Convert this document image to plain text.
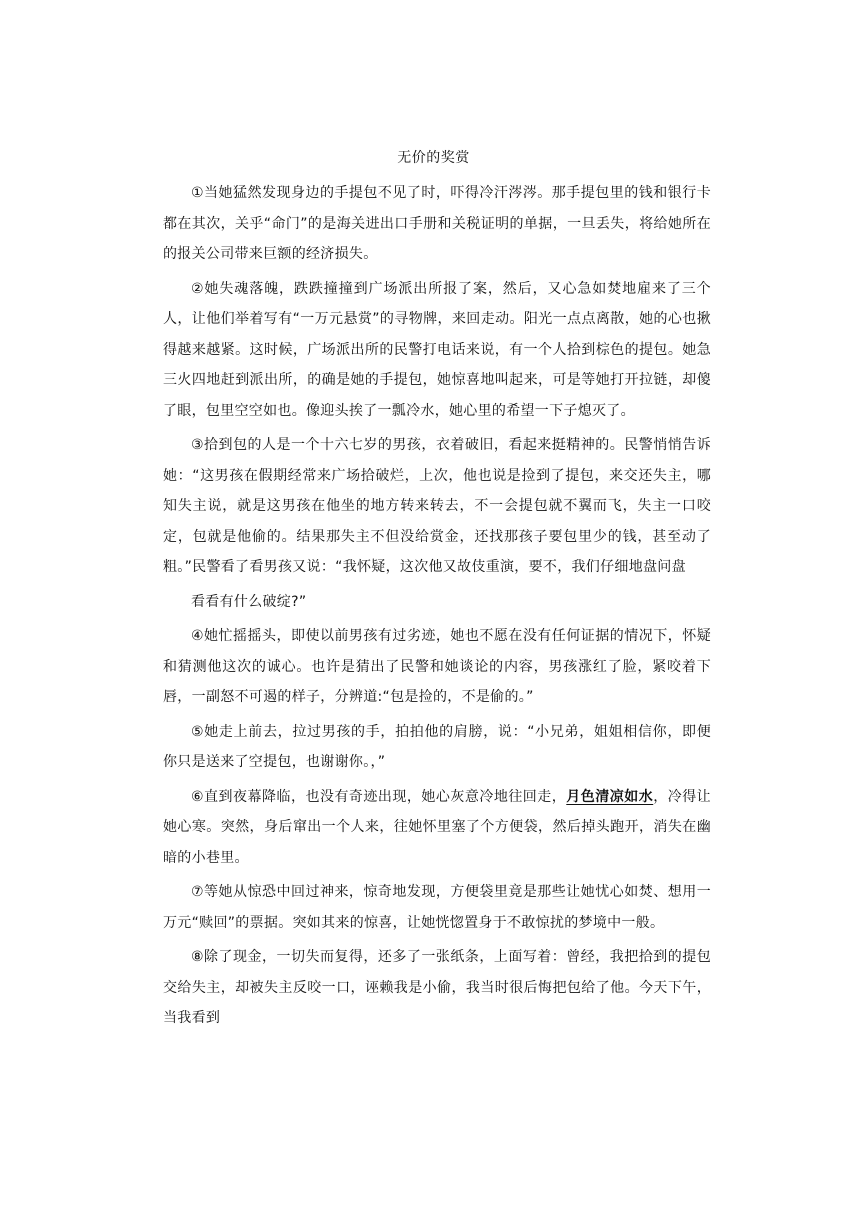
无价的奖赏

①当她猛然发现身边的手提包不见了时，吓得冷汗涔涔。那手提包里的钱和银行卡都在其次，关乎“命门”的是海关进出口手册和关税证明的单据，一旦丢失，将给她所在的报关公司带来巨额的经济损失。

②她失魂落魄，跌跌撞撞到广场派出所报了案，然后，又心急如焚地雇来了三个人，让他们举着写有“一万元悬赏”的寻物牌，来回走动。阳光一点点离散，她的心也揪得越来越紧。这时候，广场派出所的民警打电话来说，有一个人拾到棕色的提包。她急三火四地赶到派出所，的确是她的手提包，她惊喜地叫起来，可是等她打开拉链，却傻了眼，包里空空如也。像迎头挨了一瓢冷水，她心里的希望一下子熄灭了。

③拾到包的人是一个十六七岁的男孩，衣着破旧，看起来挺精神的。民警悄悄告诉她：“这男孩在假期经常来广场拾破烂，上次，他也说是捡到了提包，来交还失主，哪知失主说，就是这男孩在他坐的地方转来转去，不一会提包就不翼而飞，失主一口咬定，包就是他偷的。结果那失主不但没给赏金，还找那孩子要包里少的钱，甚至动了粗。”民警看了看男孩又说：“我怀疑，这次他又故伎重演，要不，我们仔细地盘问盘

看看有什么破绽?”

④她忙摇摇头，即使以前男孩有过劣迹，她也不愿在没有任何证据的情况下，怀疑和猜测他这次的诚心。也许是猜出了民警和她谈论的内容，男孩涨红了脸，紧咬着下唇，一副怒不可遏的样子，分辨道:“包是捡的，不是偷的。”

⑤她走上前去，拉过男孩的手，拍拍他的肩膀，说：“小兄弟，姐姐相信你，即便你只是送来了空提包，也谢谢你。，”

⑥直到夜幕降临，也没有奇迹出现，她心灰意冷地往回走，月色清凉如水，冷得让她心寒。突然，身后窜出一个人来，往她怀里塞了个方便袋，然后掉头跑开，消失在幽暗的小巷里。

⑦等她从惊恐中回过神来，惊奇地发现，方便袋里竟是那些让她忧心如焚、想用一万元“赎回”的票据。突如其来的惊喜，让她恍惚置身于不敢惊扰的梦境中一般。

⑧除了现金，一切失而复得，还多了一张纸条，上面写着：曾经，我把拾到的提包交给失主，却被失主反咬一口，诬赖我是小偷，我当时很后悔把包给了他。今天下午，当我看到
